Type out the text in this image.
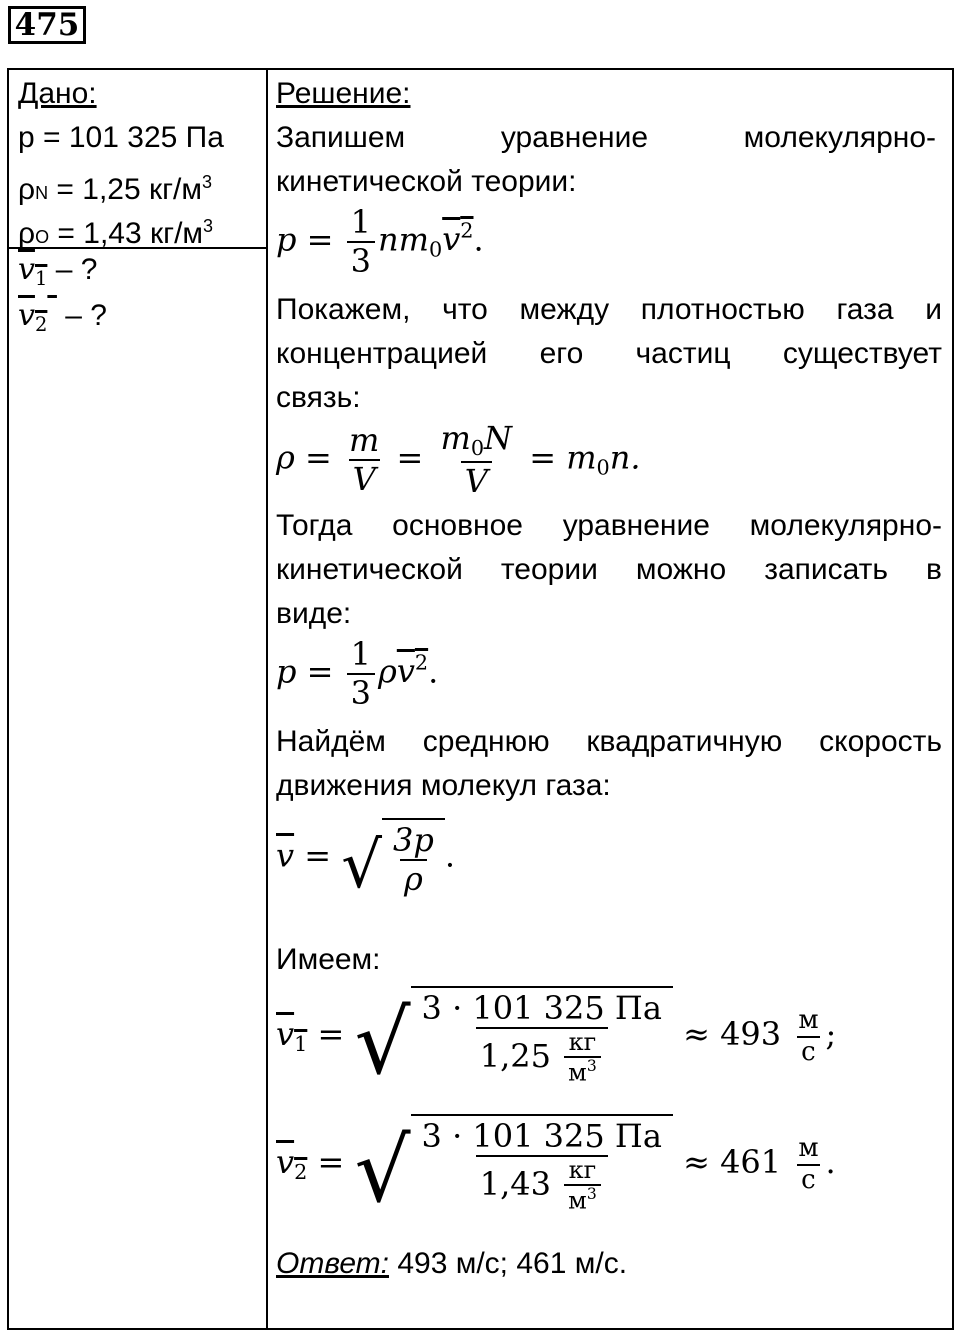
475
Дано:
p = 101 325 Па
ρN = 1,25 $кг/м^3$
ρO = 1,43 $кг/м^3$
$v_1$ – ?
$v_2$  – ?
Решение:
Запишем уравнение молекулярно-
кинетической теории:
$p = \frac{1}{3} nm_0v^2$.
Покажем, что между плотностью газа и
концентрацией его частиц существует
связь:
$\rho = \frac{m}{V} = \frac{m_0N}{V} = m_0n$.
Тогда основное уравнение молекулярно-
кинетической теории можно записать в
виде:
$p = \frac{1}{3} \rho v^2$.
Найдём среднюю квадратичную скорость
движения молекул газа:
$\overline{v}$ = √ $\frac{3p}{\rho}$ .
Имеем:
$v_1$ = √ $\frac{3 \cdot 101 325 Па}{1,25 \frac{кг}{м^3}} \approx 493 \frac{м}{с}$ ;
$v_2$ = √ $\frac{3 \cdot 101 325 Па}{1,43 \frac{кг}{м^3}} \approx 461 \frac{м}{с}$ .
Ответ: 493 м/с; 461 м/с.
